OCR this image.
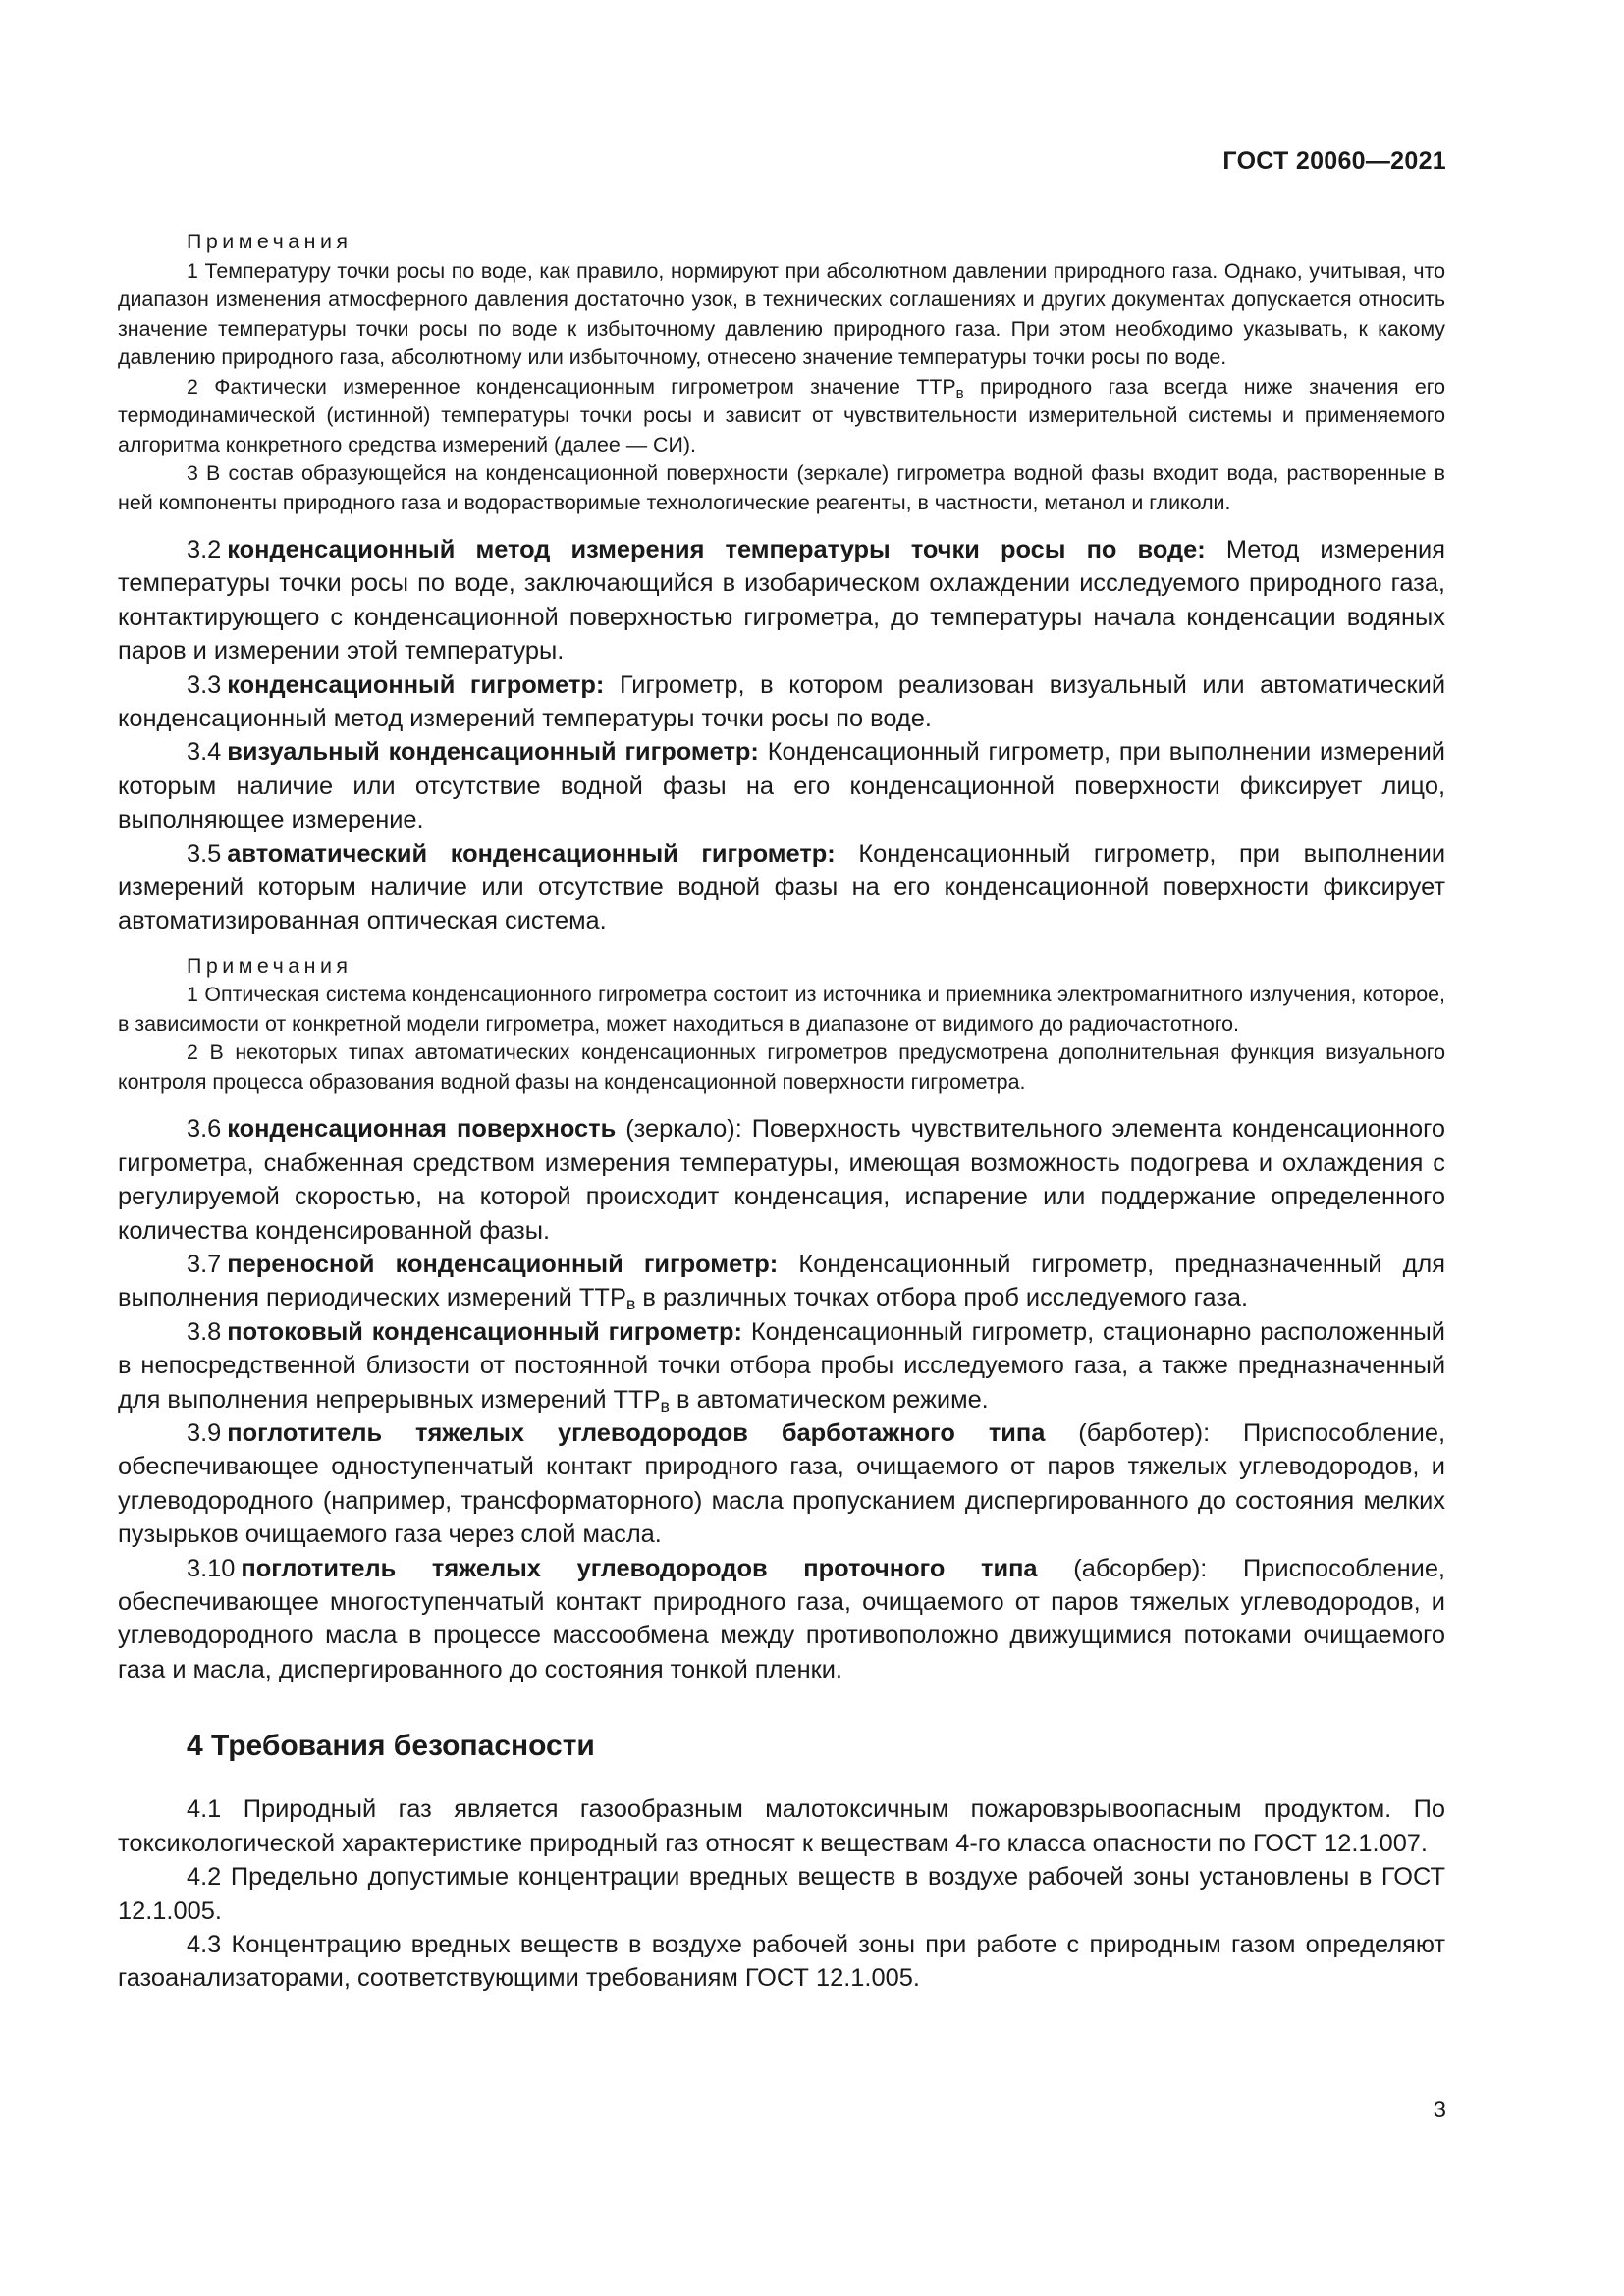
ГОСТ 20060—2021
Примечания

1 Температуру точки росы по воде, как правило, нормируют при абсолютном давлении природного газа. Однако, учитывая, что диапазон изменения атмосферного давления достаточно узок, в технических соглашениях и других документах допускается относить значение температуры точки росы по воде к избыточному давлению природного газа. При этом необходимо указывать, к какому давлению природного газа, абсолютному или избыточному, отнесено значение температуры точки росы по воде.

2 Фактически измеренное конденсационным гигрометром значение $ТТР_в$ природного газа всегда ниже значения его термодинамической (истинной) температуры точки росы и зависит от чувствительности измерительной системы и применяемого алгоритма конкретного средства измерений (далее — СИ).

3 В состав образующейся на конденсационной поверхности (зеркале) гигрометра водной фазы входит вода, растворенные в ней компоненты природного газа и водорастворимые технологические реагенты, в частности, метанол и гликоли.

3.2 конденсационный метод измерения температуры точки росы по воде: Метод измерения температуры точки росы по воде, заключающийся в изобарическом охлаждении исследуемого природного газа, контактирующего с конденсационной поверхностью гигрометра, до температуры начала конденсации водяных паров и измерении этой температуры.

3.3 конденсационный гигрометр: Гигрометр, в котором реализован визуальный или автоматический конденсационный метод измерений температуры точки росы по воде.

3.4 визуальный конденсационный гигрометр: Конденсационный гигрометр, при выполнении измерений которым наличие или отсутствие водной фазы на его конденсационной поверхности фиксирует лицо, выполняющее измерение.

3.5 автоматический конденсационный гигрометр: Конденсационный гигрометр, при выполнении измерений которым наличие или отсутствие водной фазы на его конденсационной поверхности фиксирует автоматизированная оптическая система.

Примечания

1 Оптическая система конденсационного гигрометра состоит из источника и приемника электромагнитного излучения, которое, в зависимости от конкретной модели гигрометра, может находиться в диапазоне от видимого до радиочастотного.

2 В некоторых типах автоматических конденсационных гигрометров предусмотрена дополнительная функция визуального контроля процесса образования водной фазы на конденсационной поверхности гигрометра.

3.6 конденсационная поверхность (зеркало): Поверхность чувствительного элемента конденсационного гигрометра, снабженная средством измерения температуры, имеющая возможность подогрева и охлаждения с регулируемой скоростью, на которой происходит конденсация, испарение или поддержание определенного количества конденсированной фазы.

3.7 переносной конденсационный гигрометр: Конденсационный гигрометр, предназначенный для выполнения периодических измерений $ТТР_в$ в различных точках отбора проб исследуемого газа.

3.8 потоковый конденсационный гигрометр: Конденсационный гигрометр, стационарно расположенный в непосредственной близости от постоянной точки отбора пробы исследуемого газа, а также предназначенный для выполнения непрерывных измерений $ТТР_в$ в автоматическом режиме.

3.9 поглотитель тяжелых углеводородов барботажного типа (барботер): Приспособление, обеспечивающее одноступенчатый контакт природного газа, очищаемого от паров тяжелых углеводородов, и углеводородного (например, трансформаторного) масла пропусканием диспергированного до состояния мелких пузырьков очищаемого газа через слой масла.

3.10 поглотитель тяжелых углеводородов проточного типа (абсорбер): Приспособление, обеспечивающее многоступенчатый контакт природного газа, очищаемого от паров тяжелых углеводородов, и углеводородного масла в процессе массообмена между противоположно движущимися потоками очищаемого газа и масла, диспергированного до состояния тонкой пленки.

4 Требования безопасности

4.1 Природный газ является газообразным малотоксичным пожаровзрывоопасным продуктом. По токсикологической характеристике природный газ относят к веществам 4-го класса опасности по ГОСТ 12.1.007.

4.2 Предельно допустимые концентрации вредных веществ в воздухе рабочей зоны установлены в ГОСТ 12.1.005.

4.3 Концентрацию вредных веществ в воздухе рабочей зоны при работе с природным газом определяют газоанализаторами, соответствующими требованиям ГОСТ 12.1.005.

3
